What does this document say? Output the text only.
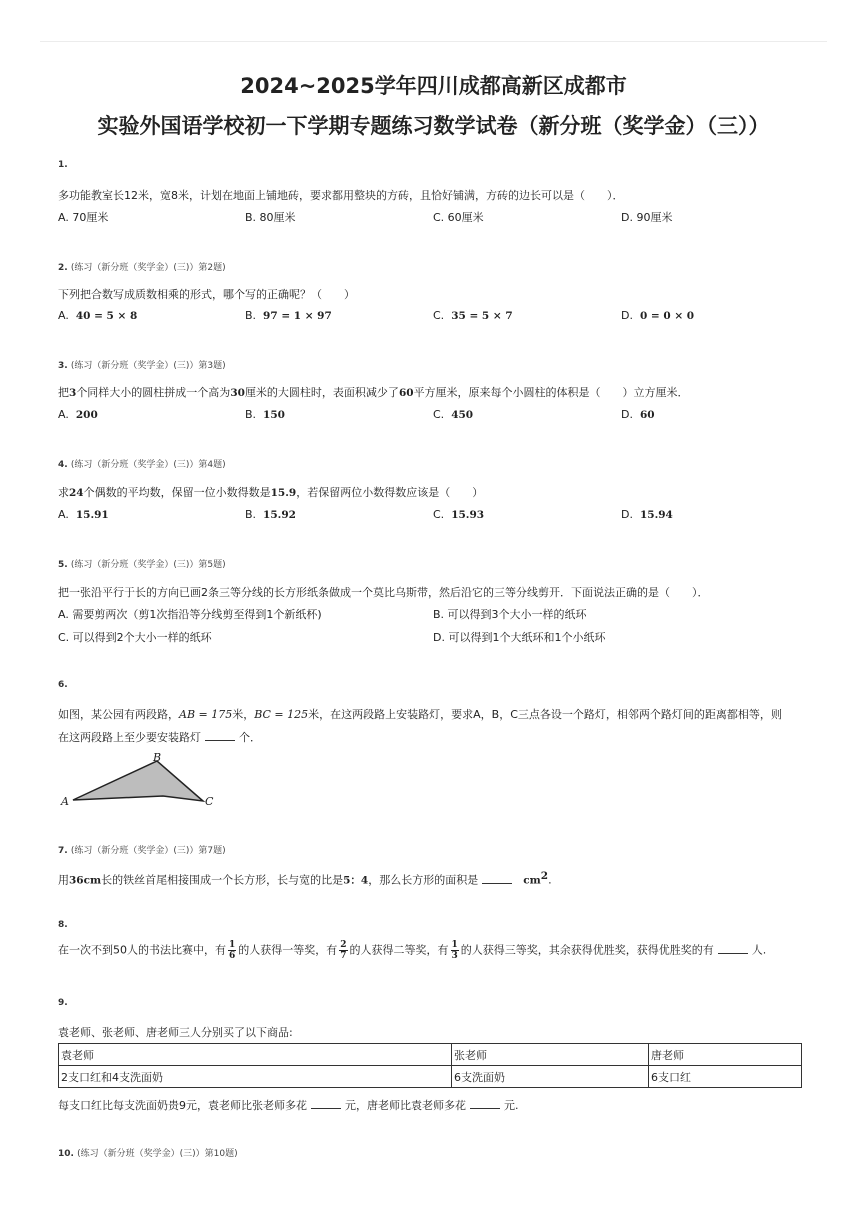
2024~2025学年四川成都高新区成都市
实验外国语学校初一下学期专题练习数学试卷（新分班（奖学金）（三））
1.
多功能教室长12米，宽8米，计划在地面上铺地砖，要求都用整块的方砖，且恰好铺满，方砖的边长可以是（　　）．
A. 70厘米	B. 80厘米	C. 60厘米	D. 90厘米
2. (练习（新分班（奖学金）(三)）第2题)
下列把合数写成质数相乘的形式，哪个写的正确呢？（　　）
A. 40 = 5 × 8	B. 97 = 1 × 97	C. 35 = 5 × 7	D. 0 = 0 × 0
3. (练习（新分班（奖学金）(三)）第3题)
把3个同样大小的圆柱拼成一个高为30厘米的大圆柱时，表面积减少了60平方厘米，原来每个小圆柱的体积是（　　）立方厘米．
A. 200	B. 150	C. 450	D. 60
4. (练习（新分班（奖学金）(三)）第4题)
求24个偶数的平均数，保留一位小数得数是15.9，若保留两位小数得数应该是（　　）
A. 15.91	B. 15.92	C. 15.93	D. 15.94
5. (练习（新分班（奖学金）(三)）第5题)
把一张沿平行于长的方向已画2条三等分线的长方形纸条做成一个莫比乌斯带，然后沿它的三等分线剪开．下面说法正确的是（　　）．
A. 需要剪两次（剪1次指沿等分线剪至得到1个新纸杯)	B. 可以得到3个大小一样的纸环
C. 可以得到2个大小一样的纸环	D. 可以得到1个大纸环和1个小纸环
6.
如图，某公园有两段路，AB = 175米，BC = 125米，在这两段路上安装路灯，要求A，B，C三点各设一个路灯，相邻两个路灯间的距离都相等，则
在这两段路上至少要安装路灯	个．
A
B
C
7. (练习（新分班（奖学金）(三)）第7题)
用36cm长的铁丝首尾相接围成一个长方形，长与宽的比是5：4，那么长方形的面积是	$cm^2$.
8.
在一次不到50人的书法比赛中，有 $\frac{1}{6}$ 的人获得一等奖，有 $\frac{2}{7}$ 的人获得二等奖，有 $\frac{1}{3}$ 的人获得三等奖，其余获得优胜奖，获得优胜奖的有	人.
9.
袁老师、张老师、唐老师三人分别买了以下商品:
袁老师	张老师	唐老师
2支口红和4支洗面奶	6支洗面奶	6支口红
每支口红比每支洗面奶贵9元，袁老师比张老师多花	元，唐老师比袁老师多花	元.
10. (练习（新分班（奖学金）(三)）第10题)
